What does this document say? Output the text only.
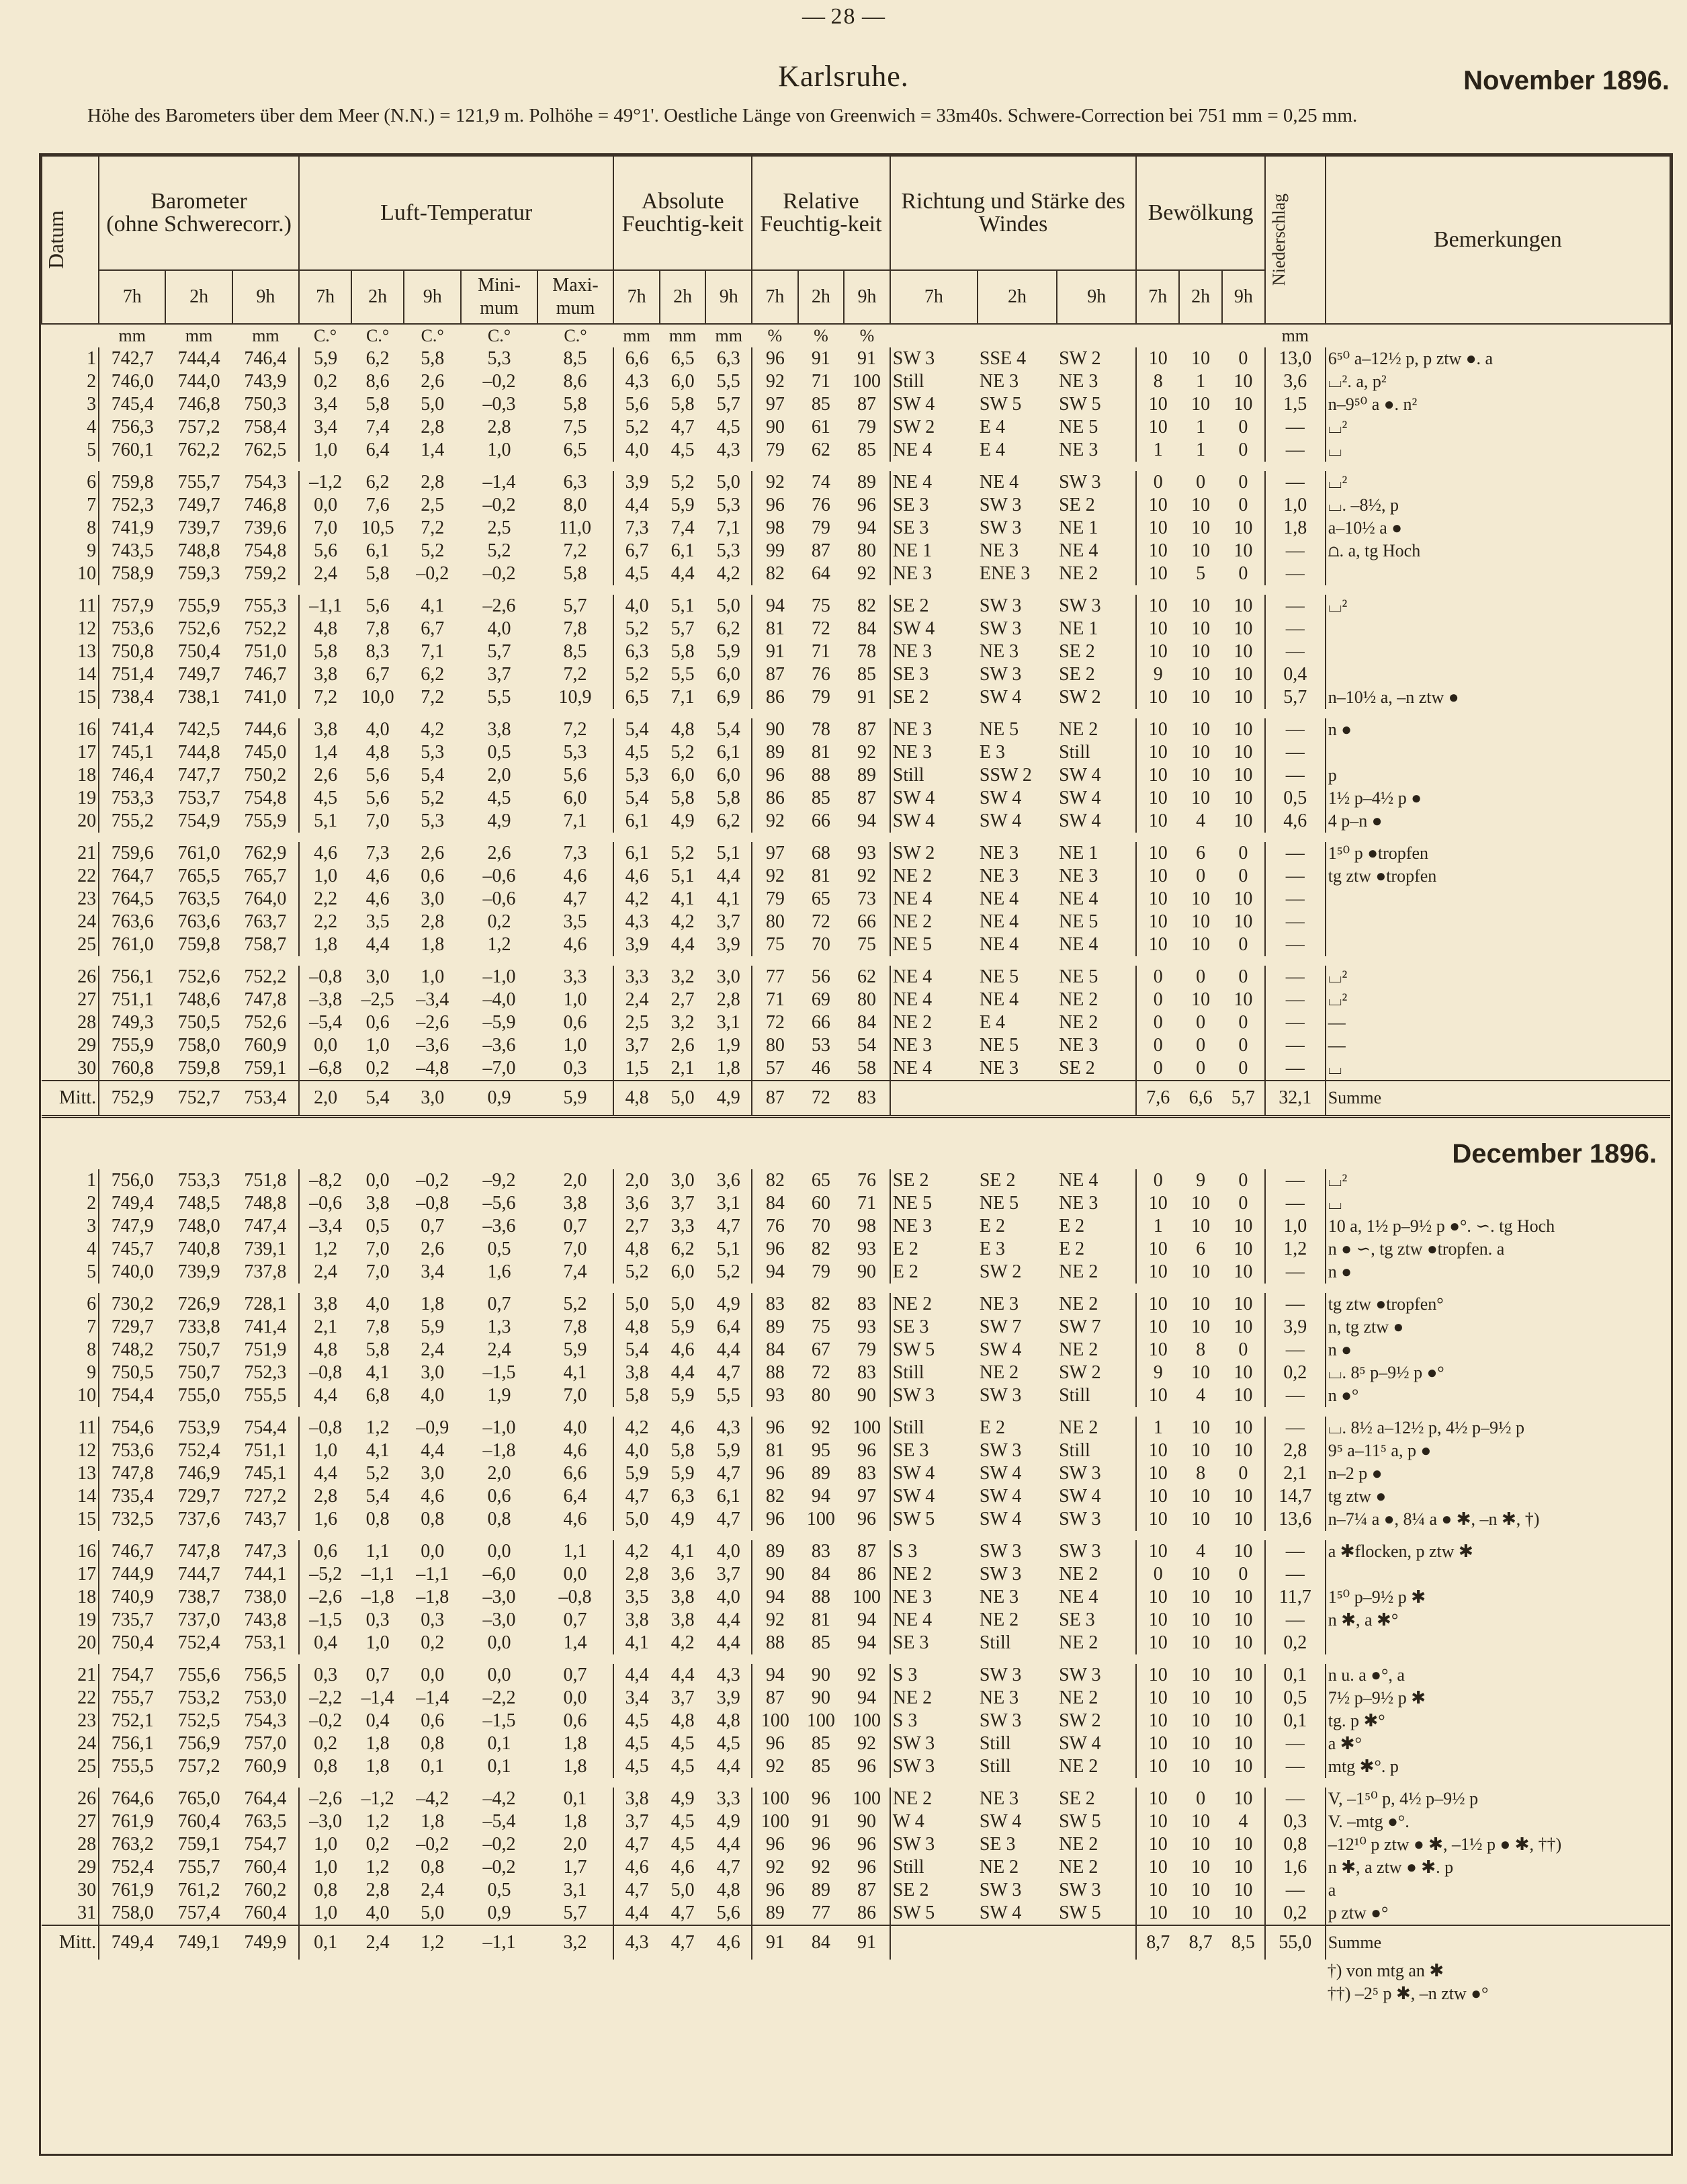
— 28 —
Karlsruhe.	November 1896.
Höhe des Barometers über dem Meer (N.N.) = 121,9 m. Polhöhe = 49°1'. Oestliche Länge von Greenwich = 33m40s. Schwere-Correction bei 751 mm = 0,25 mm.
Datum	Barometer
(ohne Schwerecorr.)			Luft-Temperatur					Absolute Feuchtig-keit			Relative Feuchtig-keit			Richtung und Stärke des Windes			Bewölkung			Niederschlag	Bemerkungen
	7h	2h	9h	7h	2h	9h	Mini-mum	Maxi-mum	7h	2h	9h	7h	2h	9h	7h	2h	9h	7h	2h	9h		
	mm	mm	mm	C.°	C.°	C.°	C.°	C.°	mm	mm	mm	%	%	%							mm	
1	742,7	744,4	746,4	5,9	6,2	5,8	5,3	8,5	6,6	6,5	6,3	96	91	91	SW 3	SSE 4	SW 2	10	10	0	13,0	6⁵⁰ a–12½ p, p ztw ●. a
2	746,0	744,0	743,9	0,2	8,6	2,6	–0,2	8,6	4,3	6,0	5,5	92	71	100	Still	NE 3	NE 3	8	1	10	3,6	⌴². a, p²
3	745,4	746,8	750,3	3,4	5,8	5,0	–0,3	5,8	5,6	5,8	5,7	97	85	87	SW 4	SW 5	SW 5	10	10	10	1,5	n–9⁵⁰ a ●. n²
4	756,3	757,2	758,4	3,4	7,4	2,8	2,8	7,5	5,2	4,7	4,5	90	61	79	SW 2	E 4	NE 5	10	1	0	—	⌴²
5	760,1	762,2	762,5	1,0	6,4	1,4	1,0	6,5	4,0	4,5	4,3	79	62	85	NE 4	E 4	NE 3	1	1	0	—	⌴

6	759,8	755,7	754,3	–1,2	6,2	2,8	–1,4	6,3	3,9	5,2	5,0	92	74	89	NE 4	NE 4	SW 3	0	0	0	—	⌴²
7	752,3	749,7	746,8	0,0	7,6	2,5	–0,2	8,0	4,4	5,9	5,3	96	76	96	SE 3	SW 3	SE 2	10	10	0	1,0	⌴. –8½, p
8	741,9	739,7	739,6	7,0	10,5	7,2	2,5	11,0	7,3	7,4	7,1	98	79	94	SE 3	SW 3	NE 1	10	10	10	1,8	a–10½ a ●
9	743,5	748,8	754,8	5,6	6,1	5,2	5,2	7,2	6,7	6,1	5,3	99	87	80	NE 1	NE 3	NE 4	10	10	10	—	⩍. a, tg Hoch
10	758,9	759,3	759,2	2,4	5,8	–0,2	–0,2	5,8	4,5	4,4	4,2	82	64	92	NE 3	ENE 3	NE 2	10	5	0	—	

11	757,9	755,9	755,3	–1,1	5,6	4,1	–2,6	5,7	4,0	5,1	5,0	94	75	82	SE 2	SW 3	SW 3	10	10	10	—	⌴²
12	753,6	752,6	752,2	4,8	7,8	6,7	4,0	7,8	5,2	5,7	6,2	81	72	84	SW 4	SW 3	NE 1	10	10	10	—	
13	750,8	750,4	751,0	5,8	8,3	7,1	5,7	8,5	6,3	5,8	5,9	91	71	78	NE 3	NE 3	SE 2	10	10	10	—	
14	751,4	749,7	746,7	3,8	6,7	6,2	3,7	7,2	5,2	5,5	6,0	87	76	85	SE 3	SW 3	SE 2	9	10	10	0,4	
15	738,4	738,1	741,0	7,2	10,0	7,2	5,5	10,9	6,5	7,1	6,9	86	79	91	SE 2	SW 4	SW 2	10	10	10	5,7	n–10½ a, –n ztw ●

16	741,4	742,5	744,6	3,8	4,0	4,2	3,8	7,2	5,4	4,8	5,4	90	78	87	NE 3	NE 5	NE 2	10	10	10	—	n ●
17	745,1	744,8	745,0	1,4	4,8	5,3	0,5	5,3	4,5	5,2	6,1	89	81	92	NE 3	E 3	Still	10	10	10	—	
18	746,4	747,7	750,2	2,6	5,6	5,4	2,0	5,6	5,3	6,0	6,0	96	88	89	Still	SSW 2	SW 4	10	10	10	—	p
19	753,3	753,7	754,8	4,5	5,6	5,2	4,5	6,0	5,4	5,8	5,8	86	85	87	SW 4	SW 4	SW 4	10	10	10	0,5	1½ p–4½ p ●
20	755,2	754,9	755,9	5,1	7,0	5,3	4,9	7,1	6,1	4,9	6,2	92	66	94	SW 4	SW 4	SW 4	10	4	10	4,6	4 p–n ●

21	759,6	761,0	762,9	4,6	7,3	2,6	2,6	7,3	6,1	5,2	5,1	97	68	93	SW 2	NE 3	NE 1	10	6	0	—	1⁵⁰ p ●tropfen
22	764,7	765,5	765,7	1,0	4,6	0,6	–0,6	4,6	4,6	5,1	4,4	92	81	92	NE 2	NE 3	NE 3	10	0	0	—	tg ztw ●tropfen
23	764,5	763,5	764,0	2,2	4,6	3,0	–0,6	4,7	4,2	4,1	4,1	79	65	73	NE 4	NE 4	NE 4	10	10	10	—	
24	763,6	763,6	763,7	2,2	3,5	2,8	0,2	3,5	4,3	4,2	3,7	80	72	66	NE 2	NE 4	NE 5	10	10	10	—	
25	761,0	759,8	758,7	1,8	4,4	1,8	1,2	4,6	3,9	4,4	3,9	75	70	75	NE 5	NE 4	NE 4	10	10	0	—	

26	756,1	752,6	752,2	–0,8	3,0	1,0	–1,0	3,3	3,3	3,2	3,0	77	56	62	NE 4	NE 5	NE 5	0	0	0	—	⌴²
27	751,1	748,6	747,8	–3,8	–2,5	–3,4	–4,0	1,0	2,4	2,7	2,8	71	69	80	NE 4	NE 4	NE 2	0	10	10	—	⌴²
28	749,3	750,5	752,6	–5,4	0,6	–2,6	–5,9	0,6	2,5	3,2	3,1	72	66	84	NE 2	E 4	NE 2	0	0	0	—	—
29	755,9	758,0	760,9	0,0	1,0	–3,6	–3,6	1,0	3,7	2,6	1,9	80	53	54	NE 3	NE 5	NE 3	0	0	0	—	—
30	760,8	759,8	759,1	–6,8	0,2	–4,8	–7,0	0,3	1,5	2,1	1,8	57	46	58	NE 4	NE 3	SE 2	0	0	0	—	⌴
Mitt.	752,9	752,7	753,4	2,0	5,4	3,0	0,9	5,9	4,8	5,0	4,9	87	72	83				7,6	6,6	5,7	32,1	Summe

December 1896.																						
1	756,0	753,3	751,8	–8,2	0,0	–0,2	–9,2	2,0	2,0	3,0	3,6	82	65	76	SE 2	SE 2	NE 4	0	9	0	—	⌴²
2	749,4	748,5	748,8	–0,6	3,8	–0,8	–5,6	3,8	3,6	3,7	3,1	84	60	71	NE 5	NE 5	NE 3	10	10	0	—	⌴
3	747,9	748,0	747,4	–3,4	0,5	0,7	–3,6	0,7	2,7	3,3	4,7	76	70	98	NE 3	E 2	E 2	1	10	10	1,0	10 a, 1½ p–9½ p ●°. ∽. tg Hoch
4	745,7	740,8	739,1	1,2	7,0	2,6	0,5	7,0	4,8	6,2	5,1	96	82	93	E 2	E 3	E 2	10	6	10	1,2	n ● ∽, tg ztw ●tropfen. a
5	740,0	739,9	737,8	2,4	7,0	3,4	1,6	7,4	5,2	6,0	5,2	94	79	90	E 2	SW 2	NE 2	10	10	10	—	n ●

6	730,2	726,9	728,1	3,8	4,0	1,8	0,7	5,2	5,0	5,0	4,9	83	82	83	NE 2	NE 3	NE 2	10	10	10	—	tg ztw ●tropfen°
7	729,7	733,8	741,4	2,1	7,8	5,9	1,3	7,8	4,8	5,9	6,4	89	75	93	SE 3	SW 7	SW 7	10	10	10	3,9	n, tg ztw ●
8	748,2	750,7	751,9	4,8	5,8	2,4	2,4	5,9	5,4	4,6	4,4	84	67	79	SW 5	SW 4	NE 2	10	8	0	—	n ●
9	750,5	750,7	752,3	–0,8	4,1	3,0	–1,5	4,1	3,8	4,4	4,7	88	72	83	Still	NE 2	SW 2	9	10	10	0,2	⌴. 8⁵ p–9½ p ●°
10	754,4	755,0	755,5	4,4	6,8	4,0	1,9	7,0	5,8	5,9	5,5	93	80	90	SW 3	SW 3	Still	10	4	10	—	n ●°

11	754,6	753,9	754,4	–0,8	1,2	–0,9	–1,0	4,0	4,2	4,6	4,3	96	92	100	Still	E 2	NE 2	1	10	10	—	⌴. 8½ a–12½ p, 4½ p–9½ p
12	753,6	752,4	751,1	1,0	4,1	4,4	–1,8	4,6	4,0	5,8	5,9	81	95	96	SE 3	SW 3	Still	10	10	10	2,8	9⁵ a–11⁵ a, p ●
13	747,8	746,9	745,1	4,4	5,2	3,0	2,0	6,6	5,9	5,9	4,7	96	89	83	SW 4	SW 4	SW 3	10	8	0	2,1	n–2 p ●
14	735,4	729,7	727,2	2,8	5,4	4,6	0,6	6,4	4,7	6,3	6,1	82	94	97	SW 4	SW 4	SW 4	10	10	10	14,7	tg ztw ●
15	732,5	737,6	743,7	1,6	0,8	0,8	0,8	4,6	5,0	4,9	4,7	96	100	96	SW 5	SW 4	SW 3	10	10	10	13,6	n–7¼ a ●, 8¼ a ● ✱, –n ✱, †)

16	746,7	747,8	747,3	0,6	1,1	0,0	0,0	1,1	4,2	4,1	4,0	89	83	87	S 3	SW 3	SW 3	10	4	10	—	a ✱flocken, p ztw ✱
17	744,9	744,7	744,1	–5,2	–1,1	–1,1	–6,0	0,0	2,8	3,6	3,7	90	84	86	NE 2	SW 3	NE 2	0	10	0	—	
18	740,9	738,7	738,0	–2,6	–1,8	–1,8	–3,0	–0,8	3,5	3,8	4,0	94	88	100	NE 3	NE 3	NE 4	10	10	10	11,7	1⁵⁰ p–9½ p ✱
19	735,7	737,0	743,8	–1,5	0,3	0,3	–3,0	0,7	3,8	3,8	4,4	92	81	94	NE 4	NE 2	SE 3	10	10	10	—	n ✱, a ✱°
20	750,4	752,4	753,1	0,4	1,0	0,2	0,0	1,4	4,1	4,2	4,4	88	85	94	SE 3	Still	NE 2	10	10	10	0,2	

21	754,7	755,6	756,5	0,3	0,7	0,0	0,0	0,7	4,4	4,4	4,3	94	90	92	S 3	SW 3	SW 3	10	10	10	0,1	n u. a ●°, a
22	755,7	753,2	753,0	–2,2	–1,4	–1,4	–2,2	0,0	3,4	3,7	3,9	87	90	94	NE 2	NE 3	NE 2	10	10	10	0,5	7½ p–9½ p ✱
23	752,1	752,5	754,3	–0,2	0,4	0,6	–1,5	0,6	4,5	4,8	4,8	100	100	100	S 3	SW 3	SW 2	10	10	10	0,1	tg. p ✱°
24	756,1	756,9	757,0	0,2	1,8	0,8	0,1	1,8	4,5	4,5	4,5	96	85	92	SW 3	Still	SW 4	10	10	10	—	a ✱°
25	755,5	757,2	760,9	0,8	1,8	0,1	0,1	1,8	4,5	4,5	4,4	92	85	96	SW 3	Still	NE 2	10	10	10	—	mtg ✱°. p

26	764,6	765,0	764,4	–2,6	–1,2	–4,2	–4,2	0,1	3,8	4,9	3,3	100	96	100	NE 2	NE 3	SE 2	10	0	10	—	V, –1⁵⁰ p, 4½ p–9½ p
27	761,9	760,4	763,5	–3,0	1,2	1,8	–5,4	1,8	3,7	4,5	4,9	100	91	90	W 4	SW 4	SW 5	10	10	4	0,3	V. –mtg ●°.
28	763,2	759,1	754,7	1,0	0,2	–0,2	–0,2	2,0	4,7	4,5	4,4	96	96	96	SW 3	SE 3	NE 2	10	10	10	0,8	–12¹⁰ p ztw ● ✱, –1½ p ● ✱, ††)
29	752,4	755,7	760,4	1,0	1,2	0,8	–0,2	1,7	4,6	4,6	4,7	92	92	96	Still	NE 2	NE 2	10	10	10	1,6	n ✱, a ztw ● ✱. p
30	761,9	761,2	760,2	0,8	2,8	2,4	0,5	3,1	4,7	5,0	4,8	96	89	87	SE 2	SW 3	SW 3	10	10	10	—	a
31	758,0	757,4	760,4	1,0	4,0	5,0	0,9	5,7	4,4	4,7	5,6	89	77	86	SW 5	SW 4	SW 5	10	10	10	0,2	p ztw ●°
Mitt.	749,4	749,1	749,9	0,1	2,4	1,2	–1,1	3,2	4,3	4,7	4,6	91	84	91				8,7	8,7	8,5	55,0	Summe
																						†) von mtg an ✱
																						††) –2⁵ p ✱, –n ztw ●°
